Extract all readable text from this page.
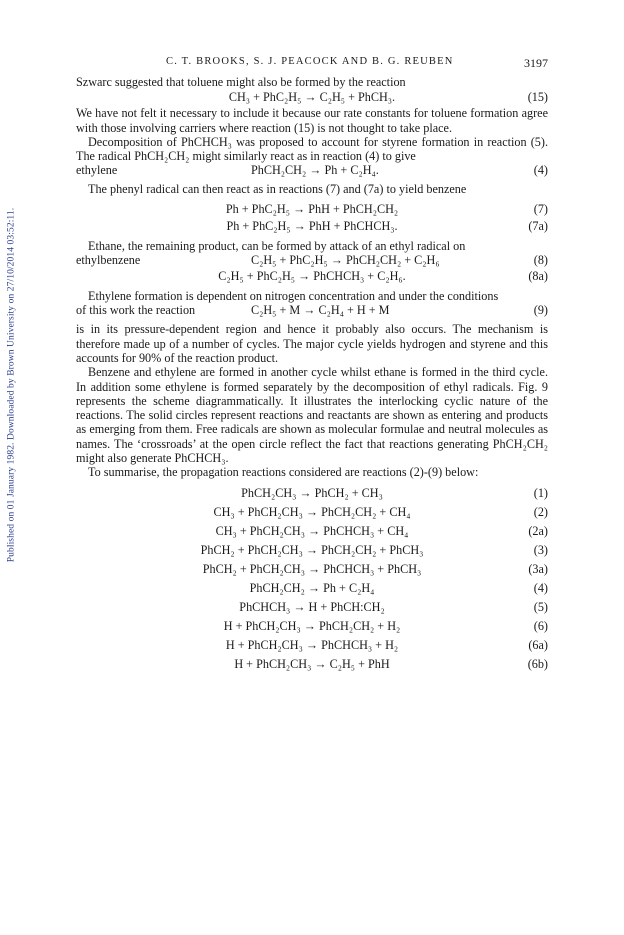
Published on 01 January 1982. Downloaded by Brown University on 27/10/2014 03:52:11.
C. T. BROOKS, S. J. PEACOCK AND B. G. REUBEN	3197

Szwarc suggested that toluene might also be formed by the reaction

CH₃ + PhC₂H₅ → C₂H₅ + PhCH₃.	(15)

We have not felt it necessary to include it because our rate constants for toluene formation agree with those involving carriers where reaction (15) is not thought to take place.

Decomposition of PhCHCH₃ was proposed to account for styrene formation in reaction (5). The radical PhCH₂CH₂ might similarly react as in reaction (4) to give

ethylene	PhCH₂CH₂ → Ph + C₂H₄.	(4)

The phenyl radical can then react as in reactions (7) and (7a) to yield benzene

Ph + PhC₂H₅ → PhH + PhCH₂CH₂	(7)
Ph + PhC₂H₅ → PhH + PhCHCH₃.	(7a)

Ethane, the remaining product, can be formed by attack of an ethyl radical on

ethylbenzene	C₂H₅ + PhC₂H₅ → PhCH₂CH₂ + C₂H₆	(8)
C₂H₅ + PhC₂H₅ → PhCHCH₃ + C₂H₆.	(8a)

Ethylene formation is dependent on nitrogen concentration and under the conditions

of this work the reaction	C₂H₅ + M → C₂H₄ + H + M	(9)

is in its pressure-dependent region and hence it probably also occurs. The mechanism is therefore made up of a number of cycles. The major cycle yields hydrogen and styrene and this accounts for 90% of the reaction product.

Benzene and ethylene are formed in another cycle whilst ethane is formed in the third cycle. In addition some ethylene is formed separately by the decomposition of ethyl radicals. Fig. 9 represents the scheme diagrammatically. It illustrates the interlocking cyclic nature of the reactions. The solid circles represent reactions and reactants are shown as entering and products as emerging from them. Free radicals are shown as molecular formulae and neutral molecules as names. The ‘crossroads’ at the open circle reflect the fact that reactions generating PhCH₂CH₂ might also generate PhCHCH₃.

To summarise, the propagation reactions considered are reactions (2)-(9) below:

PhCH₂CH₃ → PhCH₂ + CH₃	(1)
CH₃ + PhCH₂CH₃ → PhCH₂CH₂ + CH₄	(2)
CH₃ + PhCH₂CH₃ → PhCHCH₃ + CH₄	(2a)
PhCH₂ + PhCH₂CH₃ → PhCH₂CH₂ + PhCH₃	(3)
PhCH₂ + PhCH₂CH₃ → PhCHCH₃ + PhCH₃	(3a)
PhCH₂CH₂ → Ph + C₂H₄	(4)
PhCHCH₃ → H + PhCH:CH₂	(5)
H + PhCH₂CH₃ → PhCH₂CH₂ + H₂	(6)
H + PhCH₂CH₃ → PhCHCH₃ + H₂	(6a)
H + PhCH₂CH₃ → C₂H₅ + PhH	(6b)
